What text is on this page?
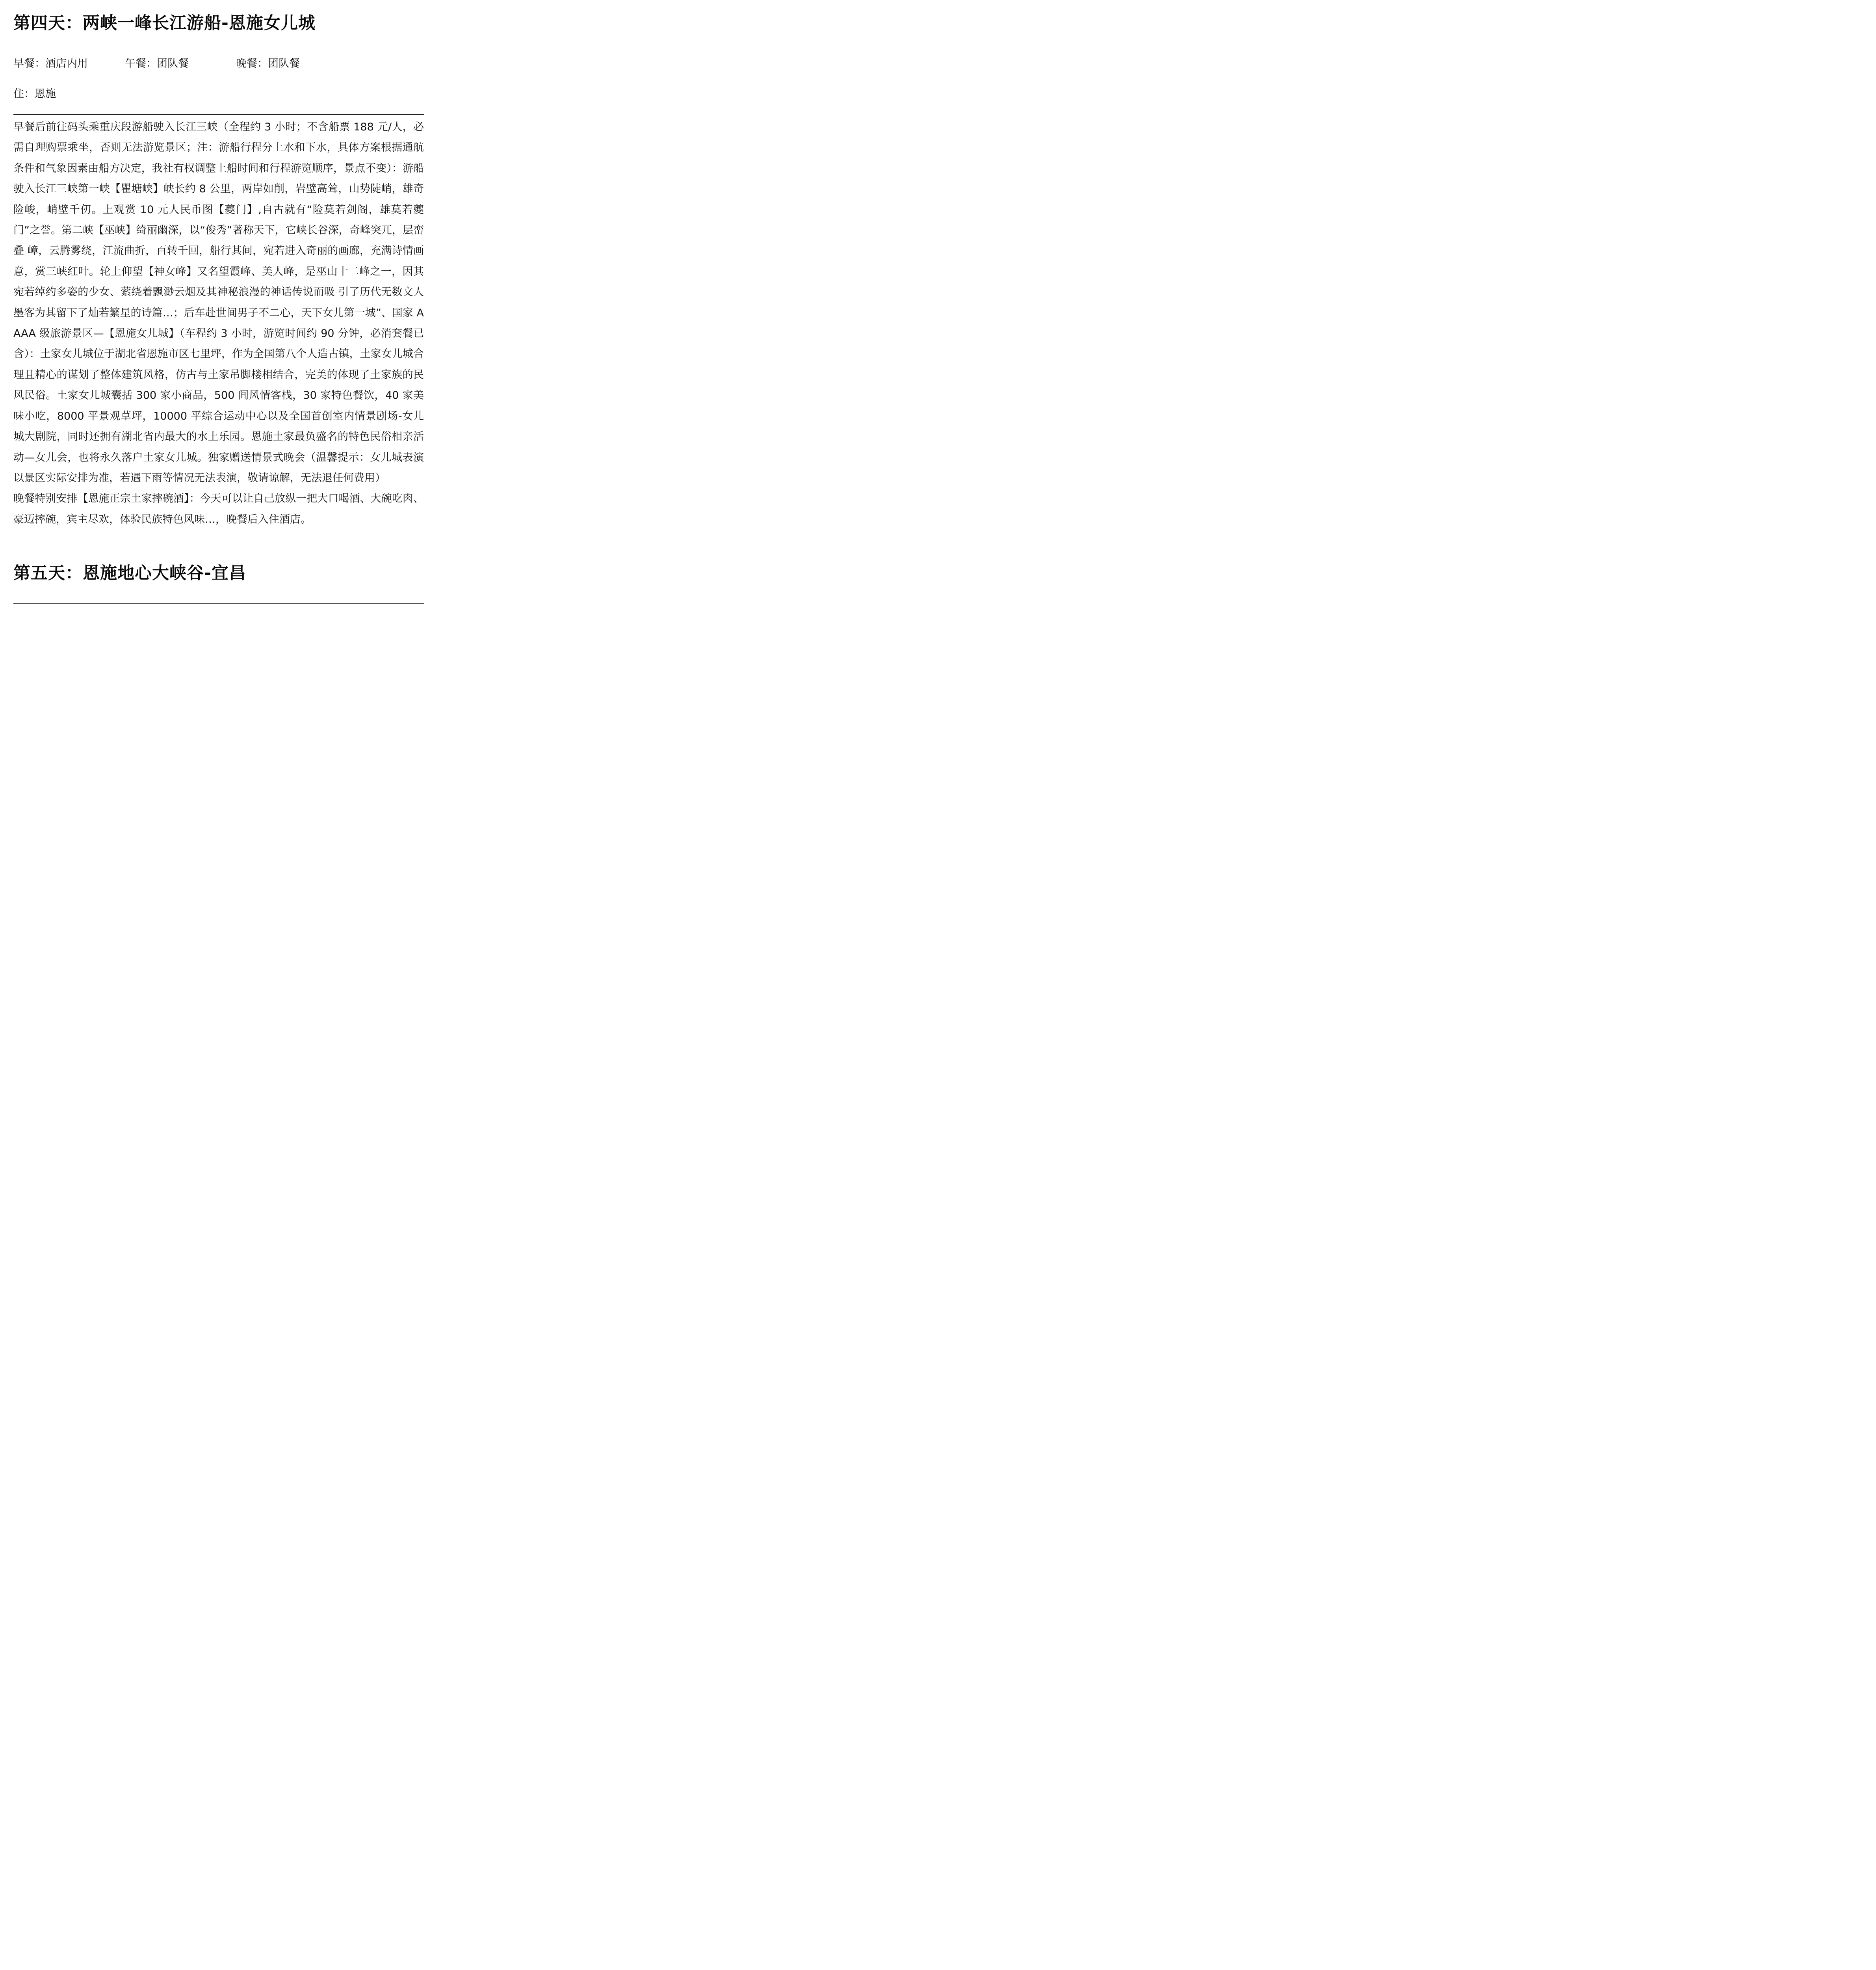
第四天：两峡一峰长江游船-恩施女儿城
早餐：酒店内用	午餐：团队餐	晚餐：团队餐
住：恩施

早餐后前往码头乘重庆段游船驶入长江三峡（全程约 3 小时；不含船票 188 元/人，必需自理购票乘坐，否则无法游览景区；注：游船行程分上水和下水，具体方案根据通航条件和气象因素由船方决定，我社有权调整上船时间和行程游览顺序，景点不变）：游船驶入长江三峡第一峡【瞿塘峡】峡长约 8 公里，两岸如削，岩壁高耸，山势陡峭，雄奇险峻，峭壁千仞。上观赏 10 元人民币图【夔门】,自古就有“险莫若剑阁，雄莫若夔门”之誉。第二峡【巫峡】绮丽幽深，以“俊秀”著称天下，它峡长谷深，奇峰突兀，层峦叠 嶂，云腾雾绕，江流曲折，百转千回，船行其间，宛若进入奇丽的画廊，充满诗情画意，赏三峡红叶。轮上仰望【神女峰】又名望霞峰、美人峰，是巫山十二峰之一，因其宛若绰约多姿的少女、萦绕着飘渺云烟及其神秘浪漫的神话传说而吸 引了历代无数文人墨客为其留下了灿若繁星的诗篇…；后车赴世间男子不二心，天下女儿第一城”、国家 AAAA 级旅游景区—【恩施女儿城】（车程约 3 小时，游览时间约 90 分钟，必消套餐已含）：土家女儿城位于湖北省恩施市区七里坪，作为全国第八个人造古镇，土家女儿城合理且精心的谋划了整体建筑风格，仿古与土家吊脚楼相结合，完美的体现了土家族的民风民俗。土家女儿城囊括 300 家小商品，500 间风情客栈，30 家特色餐饮，40 家美味小吃，8000 平景观草坪，10000 平综合运动中心以及全国首创室内情景剧场-女儿城大剧院，同时还拥有湖北省内最大的水上乐园。恩施土家最负盛名的特色民俗相亲活动—女儿会，也将永久落户土家女儿城。独家赠送情景式晚会（温馨提示：女儿城表演以景区实际安排为准，若遇下雨等情况无法表演，敬请谅解，无法退任何费用）

晚餐特别安排【恩施正宗土家摔碗酒】：今天可以让自己放纵一把大口喝酒、大碗吃肉、豪迈摔碗，宾主尽欢，体验民族特色风味…，晚餐后入住酒店。

第五天：恩施地心大峡谷-宜昌
